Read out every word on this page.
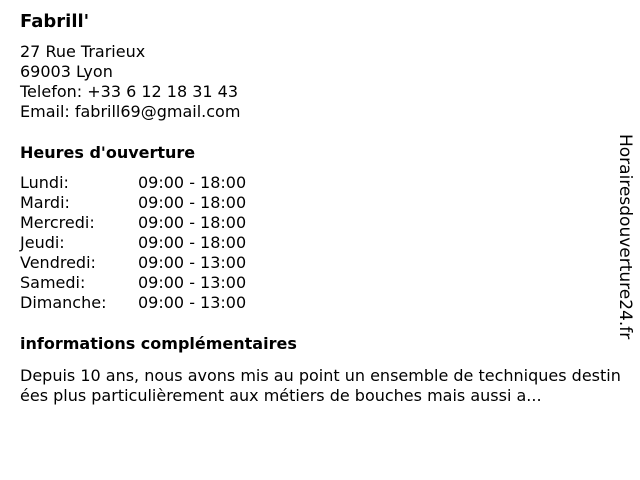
Fabrill'
27 Rue Trarieux
69003 Lyon
Telefon: +33 6 12 18 31 43
Email: fabrill69@gmail.com
Heures d'ouverture
Lundi:	09:00 - 18:00
Mardi:	09:00 - 18:00
Mercredi:	09:00 - 18:00
Jeudi:	09:00 - 18:00
Vendredi:	09:00 - 13:00
Samedi:	09:00 - 13:00
Dimanche:	09:00 - 13:00
informations complémentaires
Depuis 10 ans, nous avons mis au point un ensemble de techniques destinées plus particulièrement aux métiers de bouches mais aussi a...
Horairesdouverture24.fr
